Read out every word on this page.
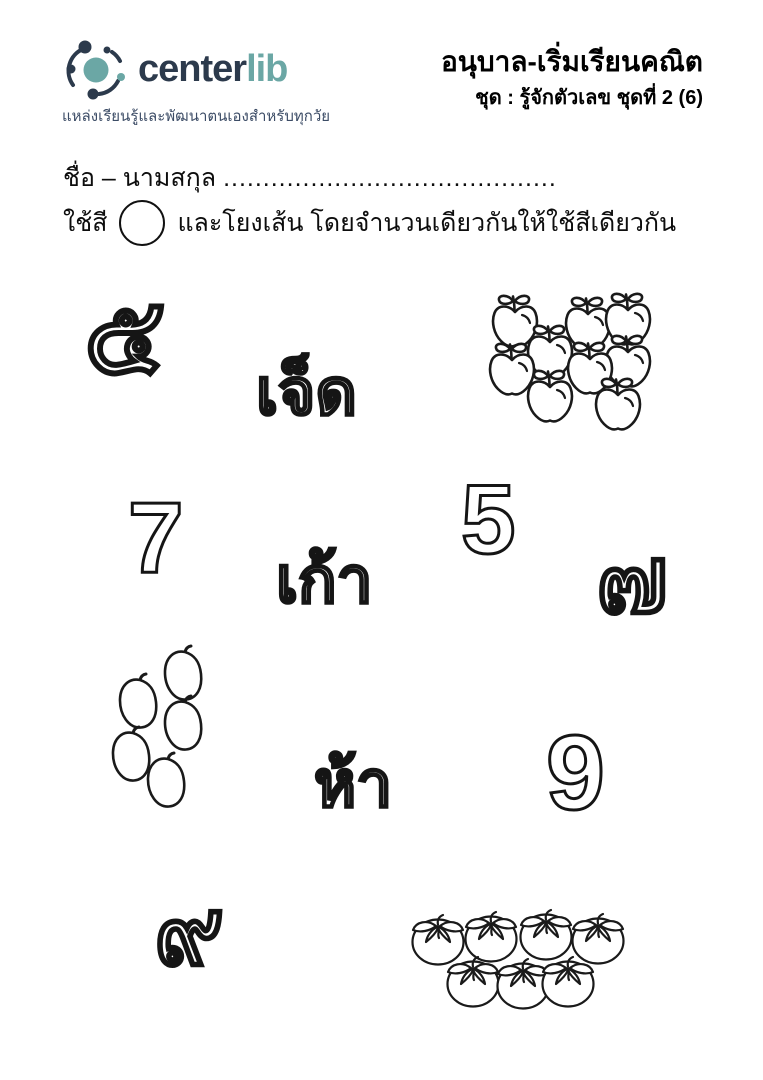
centerlib
แหล่งเรียนรู้และพัฒนาตนเองสำหรับทุกวัย
อนุบาล-เริ่มเรียนคณิต
ชุด : รู้จักตัวเลข ชุดที่ 2 (6)
ชื่อ – นามสกุล ..........................................
ใช้สี	และโยงเส้น โดยจำนวนเดียวกันให้ใช้สีเดียวกัน
๕ เจ็ด
7	5
๗
เก้า
ห้า 9
๙
